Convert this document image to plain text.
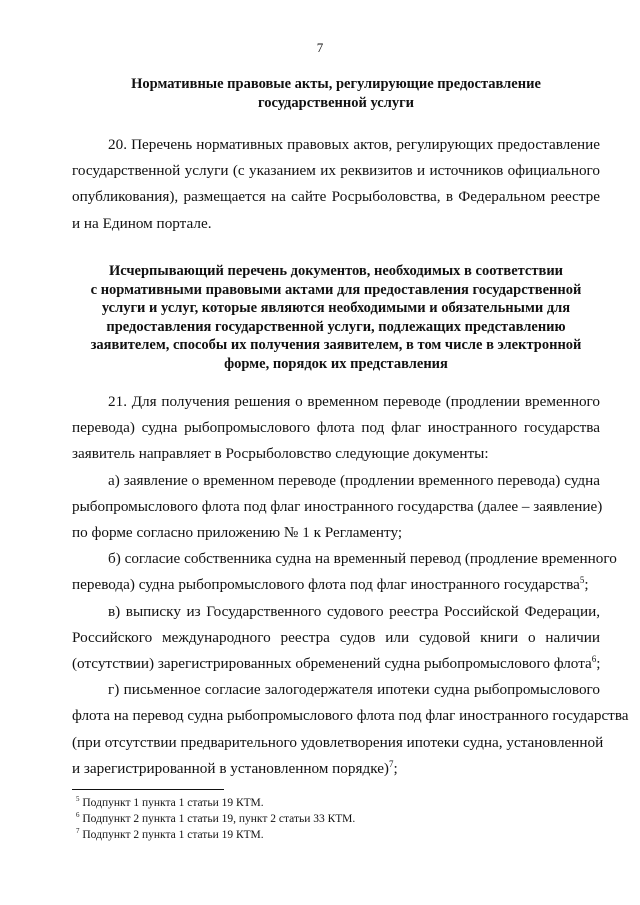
7
Нормативные правовые акты, регулирующие предоставление
государственной услуги
20. Перечень нормативных правовых актов, регулирующих предоставление
государственной услуги (с указанием их реквизитов и источников официального
опубликования), размещается на сайте Росрыболовства, в Федеральном реестре
и на Едином портале.
Исчерпывающий перечень документов, необходимых в соответствии
с нормативными правовыми актами для предоставления государственной
услуги и услуг, которые являются необходимыми и обязательными для
предоставления государственной услуги, подлежащих представлению
заявителем, способы их получения заявителем, в том числе в электронной
форме, порядок их представления
21. Для получения решения о временном переводе (продлении временного
перевода) судна рыбопромыслового флота под флаг иностранного государства
заявитель направляет в Росрыболовство следующие документы:
а) заявление о временном переводе (продлении временного перевода) судна
рыбопромыслового флота под флаг иностранного государства (далее – заявление)
по форме согласно приложению № 1 к Регламенту;
б) согласие собственника судна на временный перевод (продление временного
перевода) судна рыбопромыслового флота под флаг иностранного государства$^5$;
в) выписку из Государственного судового реестра Российской Федерации,
Российского международного реестра судов или судовой книги о наличии
(отсутствии) зарегистрированных обременений судна рыбопромыслового флота$^6$;
г) письменное согласие залогодержателя ипотеки судна рыбопромыслового
флота на перевод судна рыбопромыслового флота под флаг иностранного государства
(при отсутствии предварительного удовлетворения ипотеки судна, установленной
и зарегистрированной в установленном порядке)$^7$;
$^5$ Подпункт 1 пункта 1 статьи 19 КТМ.
$^6$ Подпункт 2 пункта 1 статьи 19, пункт 2 статьи 33 КТМ.
$^7$ Подпункт 2 пункта 1 статьи 19 КТМ.
